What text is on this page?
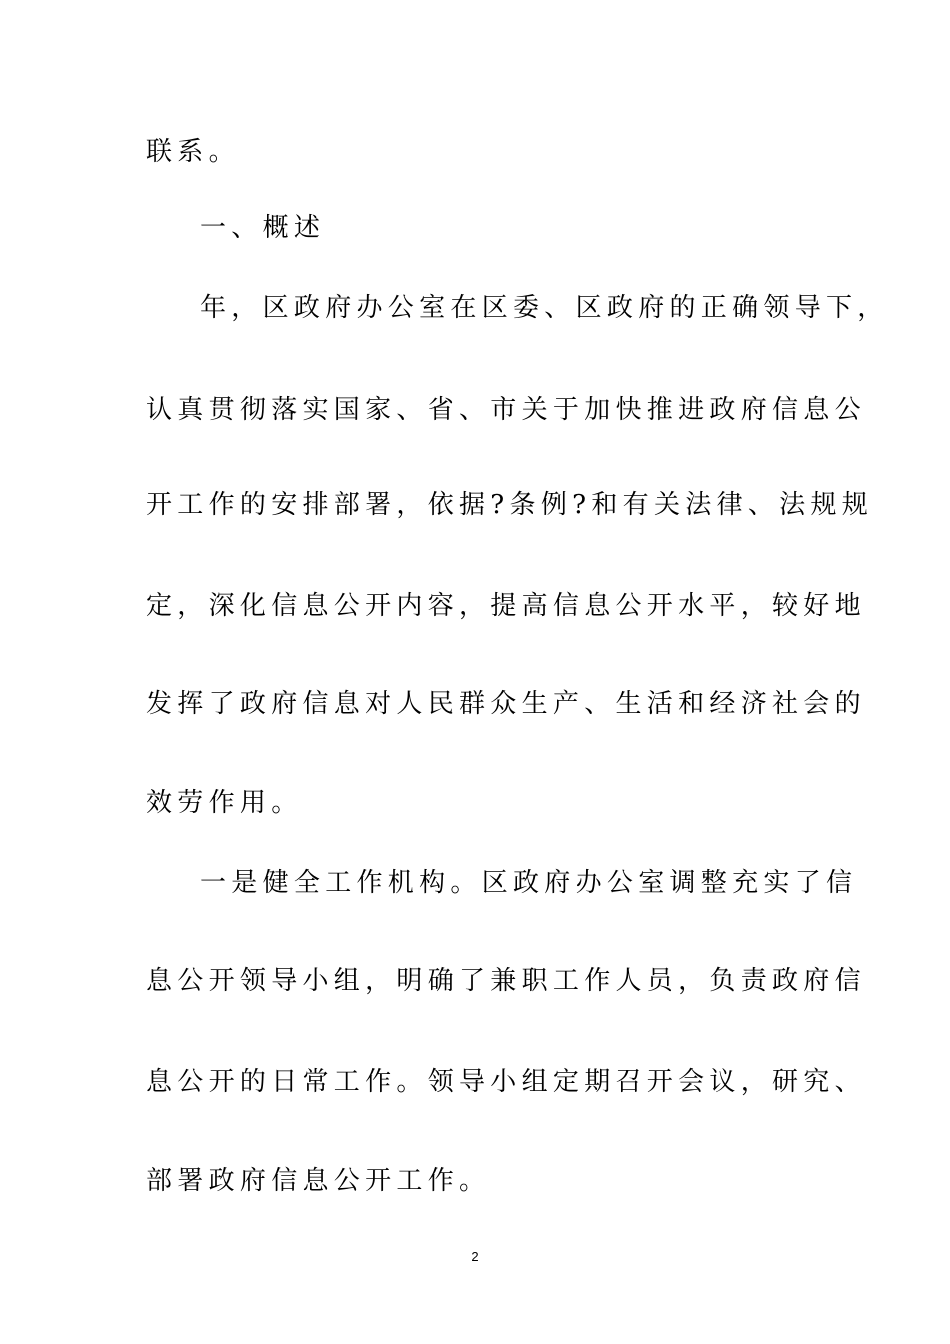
联系。

一、概述

年，区政府办公室在区委、区政府的正确领导下，

认真贯彻落实国家、省、市关于加快推进政府信息公

开工作的安排部署，依据?条例?和有关法律、法规规

定，深化信息公开内容，提高信息公开水平，较好地

发挥了政府信息对人民群众生产、生活和经济社会的

效劳作用。

一是健全工作机构。区政府办公室调整充实了信

息公开领导小组，明确了兼职工作人员，负责政府信

息公开的日常工作。领导小组定期召开会议，研究、

部署政府信息公开工作。

2
